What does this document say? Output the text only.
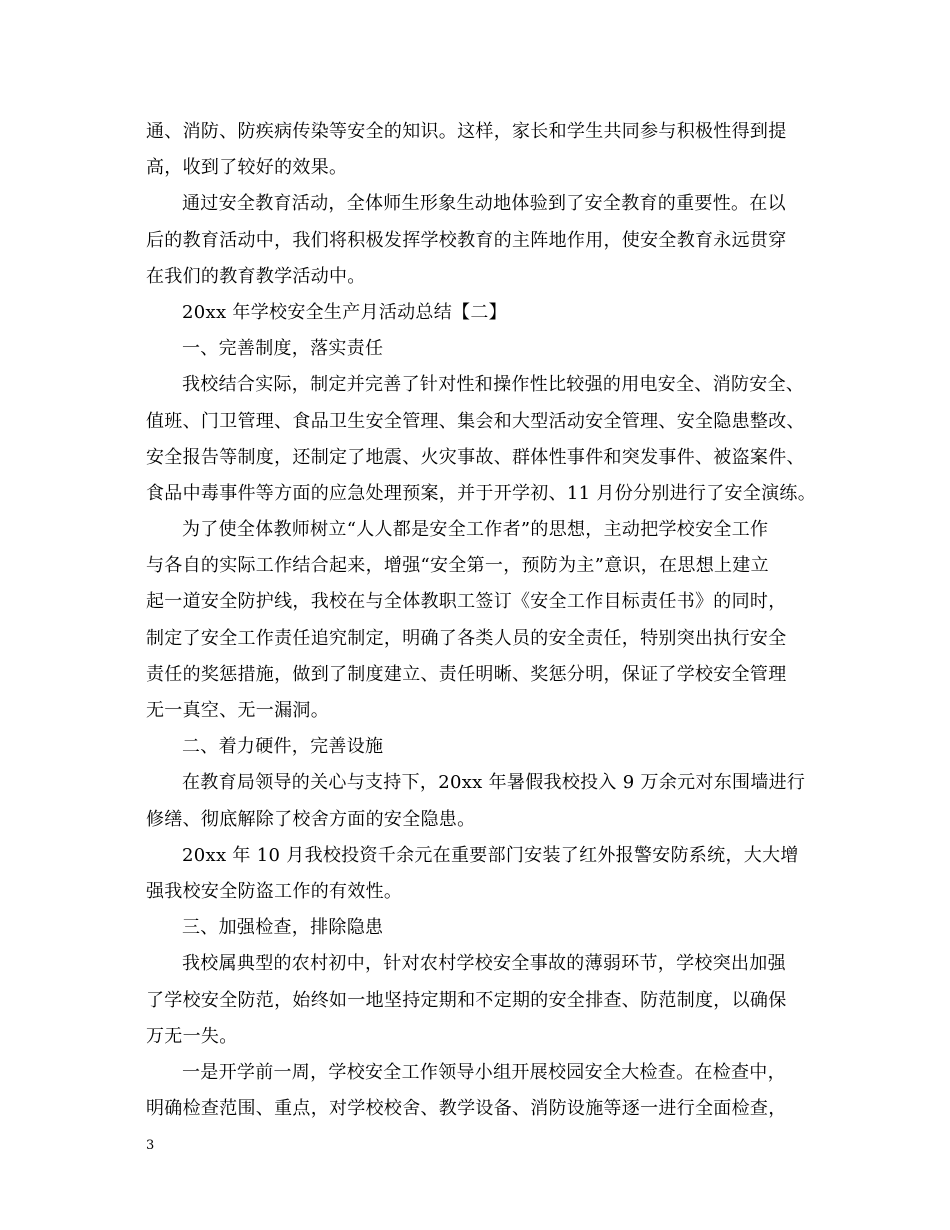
通、消防、防疾病传染等安全的知识。这样，家长和学生共同参与积极性得到提
高，收到了较好的效果。
通过安全教育活动，全体师生形象生动地体验到了安全教育的重要性。在以
后的教育活动中，我们将积极发挥学校教育的主阵地作用，使安全教育永远贯穿
在我们的教育教学活动中。
20xx 年学校安全生产月活动总结【二】
一、完善制度，落实责任
我校结合实际，制定并完善了针对性和操作性比较强的用电安全、消防安全、
值班、门卫管理、食品卫生安全管理、集会和大型活动安全管理、安全隐患整改、
安全报告等制度，还制定了地震、火灾事故、群体性事件和突发事件、被盗案件、
食品中毒事件等方面的应急处理预案，并于开学初、11 月份分别进行了安全演练。
为了使全体教师树立“人人都是安全工作者”的思想，主动把学校安全工作
与各自的实际工作结合起来，增强“安全第一，预防为主”意识，在思想上建立
起一道安全防护线，我校在与全体教职工签订《安全工作目标责任书》的同时，
制定了安全工作责任追究制定，明确了各类人员的安全责任，特别突出执行安全
责任的奖惩措施，做到了制度建立、责任明晰、奖惩分明，保证了学校安全管理
无一真空、无一漏洞。
二、着力硬件，完善设施
在教育局领导的关心与支持下，20xx 年暑假我校投入 9 万余元对东围墙进行
修缮、彻底解除了校舍方面的安全隐患。
20xx 年 10 月我校投资千余元在重要部门安装了红外报警安防系统，大大增
强我校安全防盗工作的有效性。
三、加强检查，排除隐患
我校属典型的农村初中，针对农村学校安全事故的薄弱环节，学校突出加强
了学校安全防范，始终如一地坚持定期和不定期的安全排查、防范制度，以确保
万无一失。
一是开学前一周，学校安全工作领导小组开展校园安全大检查。在检查中，
明确检查范围、重点，对学校校舍、教学设备、消防设施等逐一进行全面检查，
3
